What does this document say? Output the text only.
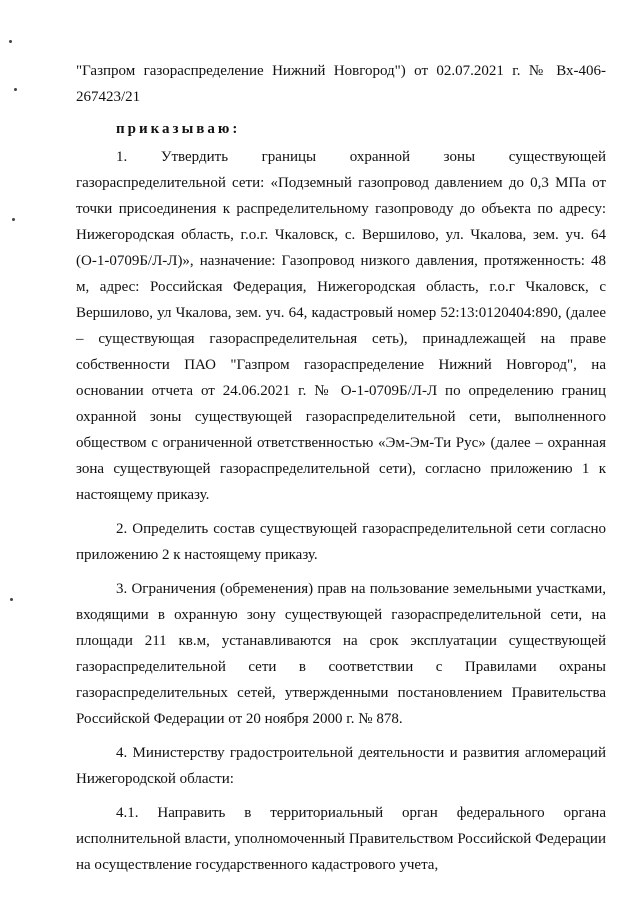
"Газпром газораспределение Нижний Новгород") от 02.07.2021 г. № Вх-406-267423/21

приказываю:

1. Утвердить границы охранной зоны существующей газораспределительной сети: «Подземный газопровод давлением до 0,3 МПа от точки присоединения к распределительному газопроводу до объекта по адресу: Нижегородская область, г.о.г. Чкаловск, с. Вершилово, ул. Чкалова, зем. уч. 64 (О-1-0709Б/Л-Л)», назначение: Газопровод низкого давления, протяженность: 48 м, адрес: Российская Федерация, Нижегородская область, г.о.г Чкаловск, с Вершилово, ул Чкалова, зем. уч. 64, кадастровый номер 52:13:0120404:890, (далее – существующая газораспределительная сеть), принадлежащей на праве собственности ПАО "Газпром газораспределение Нижний Новгород", на основании отчета от 24.06.2021 г. № О-1-0709Б/Л-Л по определению границ охранной зоны существующей газораспределительной сети, выполненного обществом с ограниченной ответственностью «Эм-Эм-Ти Рус» (далее – охранная зона существующей газораспределительной сети), согласно приложению 1 к настоящему приказу.

2. Определить состав существующей газораспределительной сети согласно приложению 2 к настоящему приказу.

3. Ограничения (обременения) прав на пользование земельными участками, входящими в охранную зону существующей газораспределительной сети, на площади 211 кв.м, устанавливаются на срок эксплуатации существующей газораспределительной сети в соответствии с Правилами охраны газораспределительных сетей, утвержденными постановлением Правительства Российской Федерации от 20 ноября 2000 г. № 878.

4. Министерству градостроительной деятельности и развития агломераций Нижегородской области:

4.1. Направить в территориальный орган федерального органа исполнительной власти, уполномоченный Правительством Российской Федерации на осуществление государственного кадастрового учета,
